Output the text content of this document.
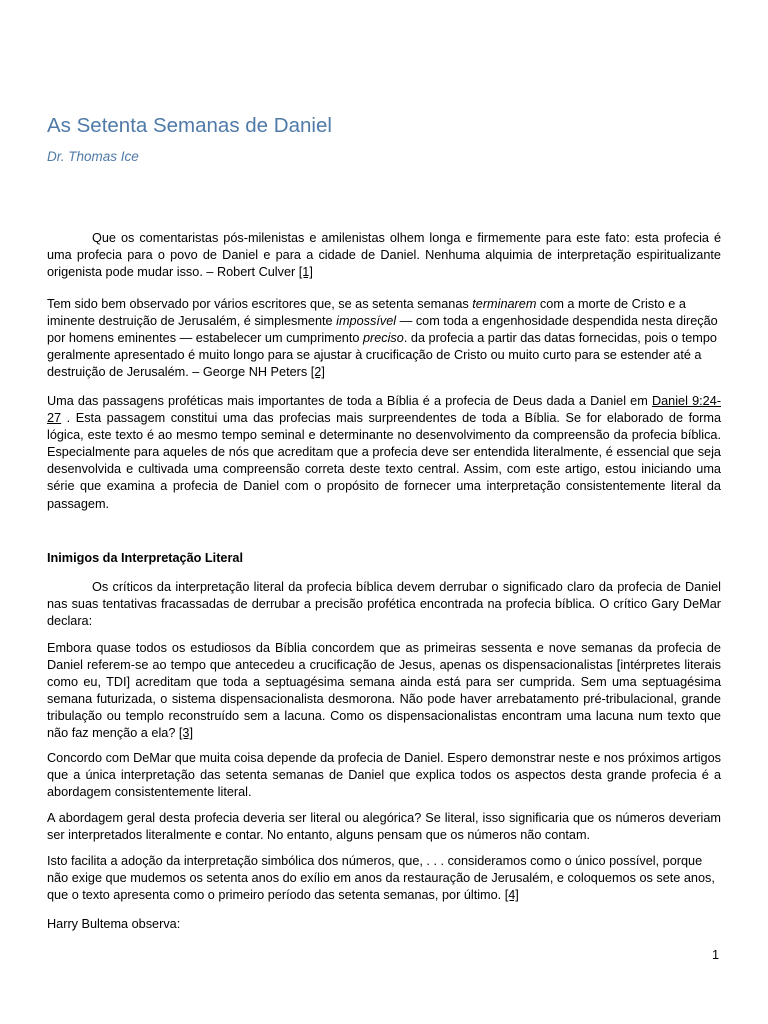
As Setenta Semanas de Daniel
Dr. Thomas Ice

Que os comentaristas pós-milenistas e amilenistas olhem longa e firmemente para este fato: esta profecia é uma profecia para o povo de Daniel e para a cidade de Daniel. Nenhuma alquimia de interpretação espiritualizante origenista pode mudar isso. – Robert Culver [1]

Tem sido bem observado por vários escritores que, se as setenta semanas terminarem com a morte de Cristo e a iminente destruição de Jerusalém, é simplesmente impossível — com toda a engenhosidade despendida nesta direção por homens eminentes — estabelecer um cumprimento preciso. da profecia a partir das datas fornecidas, pois o tempo geralmente apresentado é muito longo para se ajustar à crucificação de Cristo ou muito curto para se estender até a destruição de Jerusalém. – George NH Peters [2]

Uma das passagens proféticas mais importantes de toda a Bíblia é a profecia de Deus dada a Daniel em Daniel 9:24-27 . Esta passagem constitui uma das profecias mais surpreendentes de toda a Bíblia. Se for elaborado de forma lógica, este texto é ao mesmo tempo seminal e determinante no desenvolvimento da compreensão da profecia bíblica. Especialmente para aqueles de nós que acreditam que a profecia deve ser entendida literalmente, é essencial que seja desenvolvida e cultivada uma compreensão correta deste texto central. Assim, com este artigo, estou iniciando uma série que examina a profecia de Daniel com o propósito de fornecer uma interpretação consistentemente literal da passagem.

Inimigos da Interpretação Literal

Os críticos da interpretação literal da profecia bíblica devem derrubar o significado claro da profecia de Daniel nas suas tentativas fracassadas de derrubar a precisão profética encontrada na profecia bíblica. O crítico Gary DeMar declara:

Embora quase todos os estudiosos da Bíblia concordem que as primeiras sessenta e nove semanas da profecia de Daniel referem-se ao tempo que antecedeu a crucificação de Jesus, apenas os dispensacionalistas [intérpretes literais como eu, TDI] acreditam que toda a septuagésima semana ainda está para ser cumprida. Sem uma septuagésima semana futurizada, o sistema dispensacionalista desmorona. Não pode haver arrebatamento pré-tribulacional, grande tribulação ou templo reconstruído sem a lacuna. Como os dispensacionalistas encontram uma lacuna num texto que não faz menção a ela? [3]

Concordo com DeMar que muita coisa depende da profecia de Daniel. Espero demonstrar neste e nos próximos artigos que a única interpretação das setenta semanas de Daniel que explica todos os aspectos desta grande profecia é a abordagem consistentemente literal.

A abordagem geral desta profecia deveria ser literal ou alegórica? Se literal, isso significaria que os números deveriam ser interpretados literalmente e contar. No entanto, alguns pensam que os números não contam.

Isto facilita a adoção da interpretação simbólica dos números, que, . . . consideramos como o único possível, porque não exige que mudemos os setenta anos do exílio em anos da restauração de Jerusalém, e coloquemos os sete anos, que o texto apresenta como o primeiro período das setenta semanas, por último. [4]

Harry Bultema observa:

1
